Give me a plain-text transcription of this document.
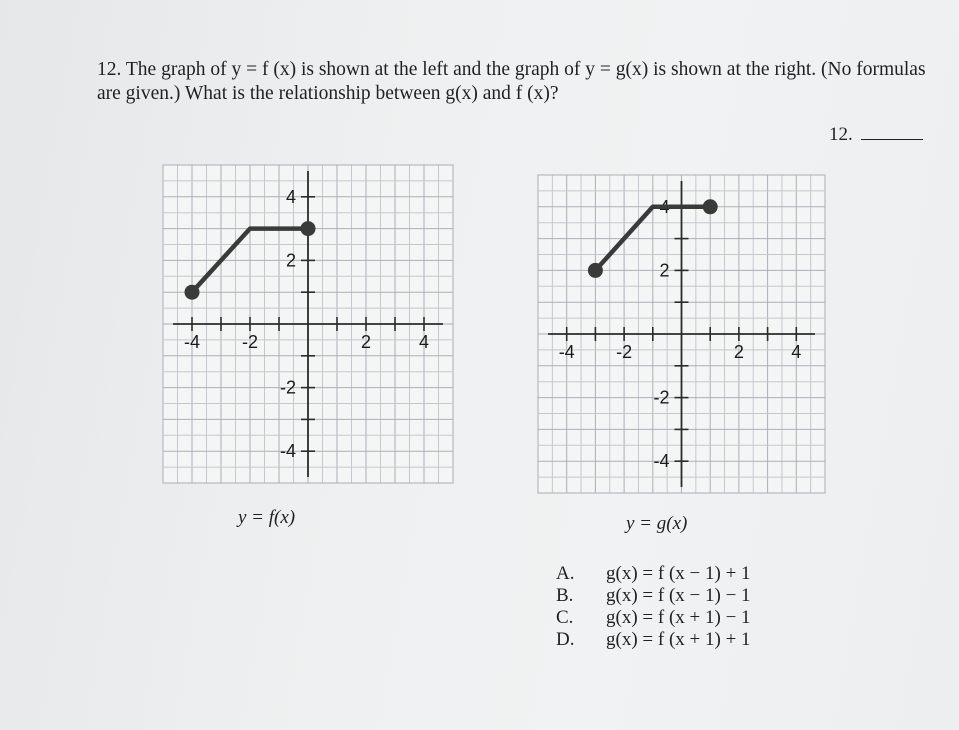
12. The graph of y = f (x) is shown at the left and the graph of y = g(x) is shown at the right. (No formulas are given.) What is the relationship between g(x) and f (x)?

12.
-4 -2	2	4
4
2
-2
-4
-4 -2	2	4
4
2
-2
-4
y = f(x)	y = g(x)
A.	g(x) = f (x − 1) + 1
B.	g(x) = f (x − 1) − 1
C.	g(x) = f (x + 1) − 1
D.	g(x) = f (x + 1) + 1
